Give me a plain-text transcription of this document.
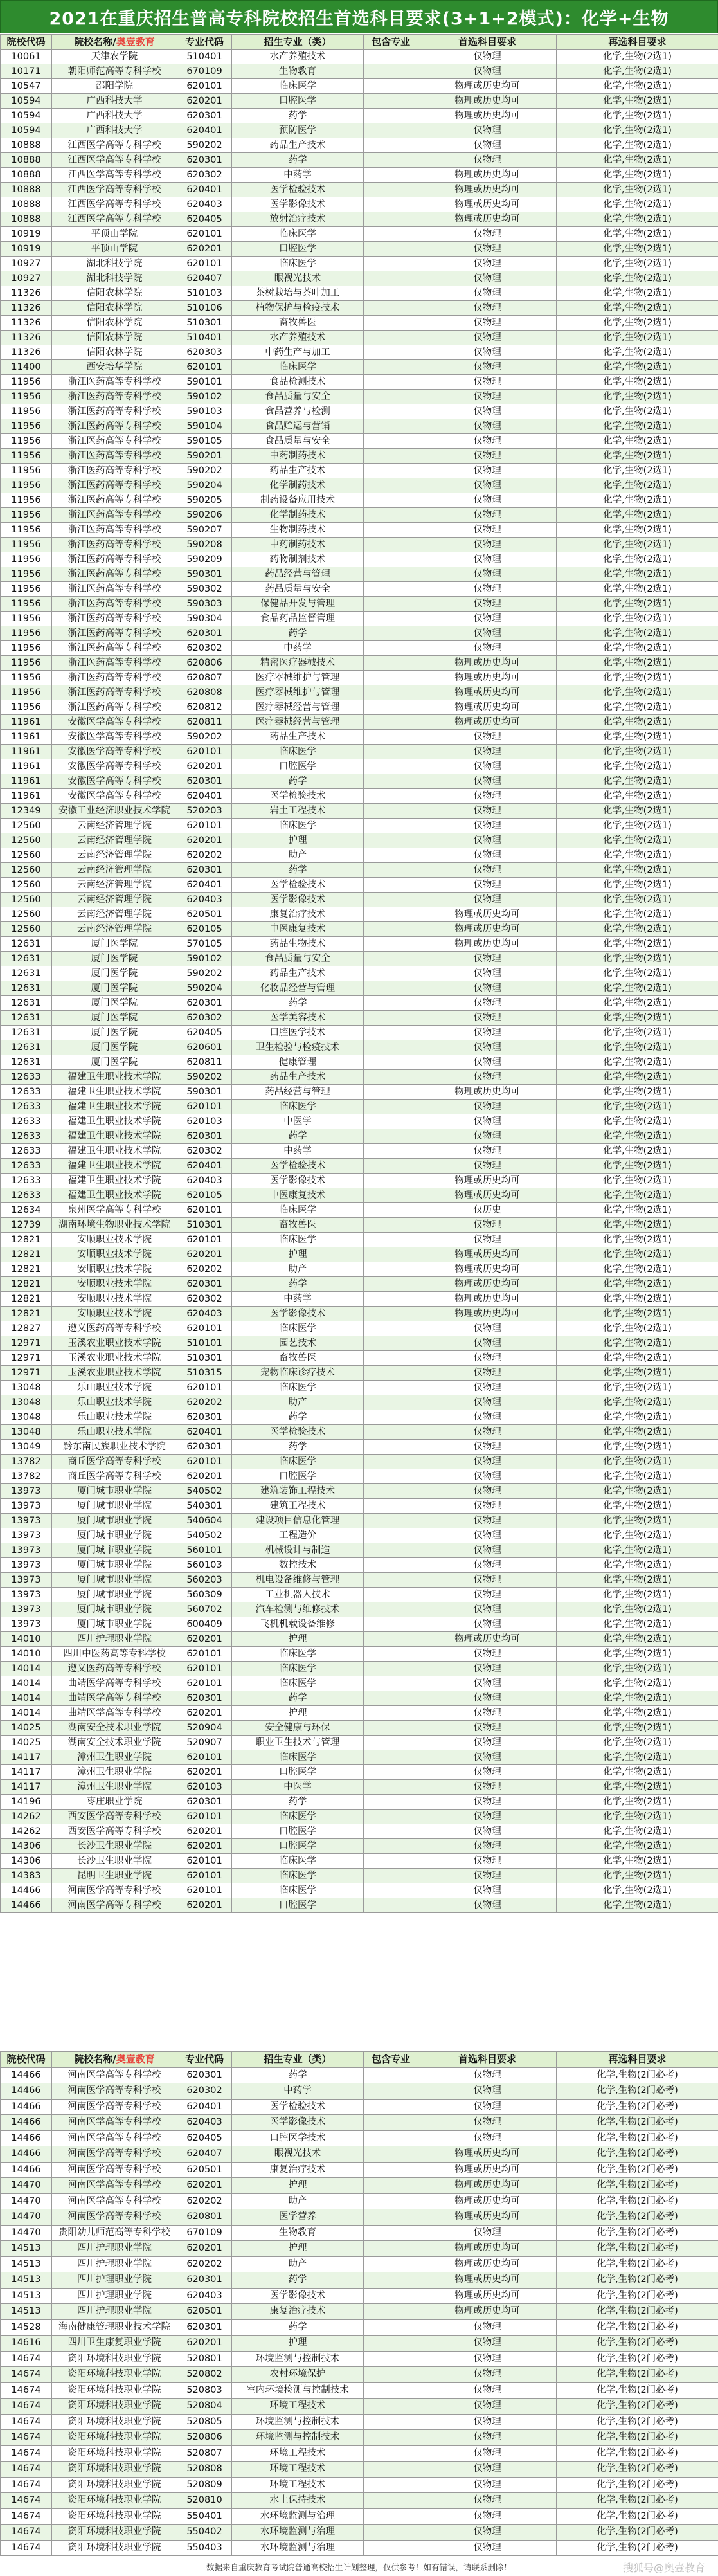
2021在重庆招生普高专科院校招生首选科目要求(3+1+2模式)：化学+生物
院校代码	院校名称/奥壹教育	专业代码	招生专业（类）	包含专业	首选科目要求	再选科目要求
10061	天津农学院	510401	水产养殖技术		仅物理	化学,生物(2选1)
10171	朝阳师范高等专科学校	670109	生物教育		仅物理	化学,生物(2选1)
10547	邵阳学院	620101	临床医学		物理或历史均可	化学,生物(2选1)
10594	广西科技大学	620201	口腔医学		物理或历史均可	化学,生物(2选1)
10594	广西科技大学	620301	药学		物理或历史均可	化学,生物(2选1)
10594	广西科技大学	620401	预防医学		仅物理	化学,生物(2选1)
10888	江西医学高等专科学校	590202	药品生产技术		仅物理	化学,生物(2选1)
10888	江西医学高等专科学校	620301	药学		仅物理	化学,生物(2选1)
10888	江西医学高等专科学校	620302	中药学		物理或历史均可	化学,生物(2选1)
10888	江西医学高等专科学校	620401	医学检验技术		物理或历史均可	化学,生物(2选1)
10888	江西医学高等专科学校	620403	医学影像技术		物理或历史均可	化学,生物(2选1)
10888	江西医学高等专科学校	620405	放射治疗技术		物理或历史均可	化学,生物(2选1)
10919	平顶山学院	620101	临床医学		仅物理	化学,生物(2选1)
10919	平顶山学院	620201	口腔医学		仅物理	化学,生物(2选1)
10927	湖北科技学院	620101	临床医学		仅物理	化学,生物(2选1)
10927	湖北科技学院	620407	眼视光技术		仅物理	化学,生物(2选1)
11326	信阳农林学院	510103	茶树栽培与茶叶加工		仅物理	化学,生物(2选1)
11326	信阳农林学院	510106	植物保护与检疫技术		仅物理	化学,生物(2选1)
11326	信阳农林学院	510301	畜牧兽医		仅物理	化学,生物(2选1)
11326	信阳农林学院	510401	水产养殖技术		仅物理	化学,生物(2选1)
11326	信阳农林学院	620303	中药生产与加工		仅物理	化学,生物(2选1)
11400	西安培华学院	620101	临床医学		仅物理	化学,生物(2选1)
11956	浙江医药高等专科学校	590101	食品检测技术		仅物理	化学,生物(2选1)
11956	浙江医药高等专科学校	590102	食品质量与安全		仅物理	化学,生物(2选1)
11956	浙江医药高等专科学校	590103	食品营养与检测		仅物理	化学,生物(2选1)
11956	浙江医药高等专科学校	590104	食品贮运与营销		仅物理	化学,生物(2选1)
11956	浙江医药高等专科学校	590105	食品质量与安全		仅物理	化学,生物(2选1)
11956	浙江医药高等专科学校	590201	中药制药技术		仅物理	化学,生物(2选1)
11956	浙江医药高等专科学校	590202	药品生产技术		仅物理	化学,生物(2选1)
11956	浙江医药高等专科学校	590204	化学制药技术		仅物理	化学,生物(2选1)
11956	浙江医药高等专科学校	590205	制药设备应用技术		仅物理	化学,生物(2选1)
11956	浙江医药高等专科学校	590206	化学制药技术		仅物理	化学,生物(2选1)
11956	浙江医药高等专科学校	590207	生物制药技术		仅物理	化学,生物(2选1)
11956	浙江医药高等专科学校	590208	中药制药技术		仅物理	化学,生物(2选1)
11956	浙江医药高等专科学校	590209	药物制剂技术		仅物理	化学,生物(2选1)
11956	浙江医药高等专科学校	590301	药品经营与管理		仅物理	化学,生物(2选1)
11956	浙江医药高等专科学校	590302	药品质量与安全		仅物理	化学,生物(2选1)
11956	浙江医药高等专科学校	590303	保健品开发与管理		仅物理	化学,生物(2选1)
11956	浙江医药高等专科学校	590304	食品药品监督管理		仅物理	化学,生物(2选1)
11956	浙江医药高等专科学校	620301	药学		仅物理	化学,生物(2选1)
11956	浙江医药高等专科学校	620302	中药学		仅物理	化学,生物(2选1)
11956	浙江医药高等专科学校	620806	精密医疗器械技术		物理或历史均可	化学,生物(2选1)
11956	浙江医药高等专科学校	620807	医疗器械维护与管理		物理或历史均可	化学,生物(2选1)
11956	浙江医药高等专科学校	620808	医疗器械维护与管理		物理或历史均可	化学,生物(2选1)
11956	浙江医药高等专科学校	620812	医疗器械经营与管理		物理或历史均可	化学,生物(2选1)
11961	安徽医学高等专科学校	620811	医疗器械经营与管理		物理或历史均可	化学,生物(2选1)
11961	安徽医学高等专科学校	590202	药品生产技术		仅物理	化学,生物(2选1)
11961	安徽医学高等专科学校	620101	临床医学		仅物理	化学,生物(2选1)
11961	安徽医学高等专科学校	620201	口腔医学		仅物理	化学,生物(2选1)
11961	安徽医学高等专科学校	620301	药学		仅物理	化学,生物(2选1)
11961	安徽医学高等专科学校	620401	医学检验技术		仅物理	化学,生物(2选1)
12349	安徽工业经济职业技术学院	520203	岩土工程技术		仅物理	化学,生物(2选1)
12560	云南经济管理学院	620101	临床医学		仅物理	化学,生物(2选1)
12560	云南经济管理学院	620201	护理		仅物理	化学,生物(2选1)
12560	云南经济管理学院	620202	助产		仅物理	化学,生物(2选1)
12560	云南经济管理学院	620301	药学		仅物理	化学,生物(2选1)
12560	云南经济管理学院	620401	医学检验技术		仅物理	化学,生物(2选1)
12560	云南经济管理学院	620403	医学影像技术		仅物理	化学,生物(2选1)
12560	云南经济管理学院	620501	康复治疗技术		物理或历史均可	化学,生物(2选1)
12560	云南经济管理学院	620105	中医康复技术		物理或历史均可	化学,生物(2选1)
12631	厦门医学院	570105	药品生物技术		物理或历史均可	化学,生物(2选1)
12631	厦门医学院	590102	食品质量与安全		仅物理	化学,生物(2选1)
12631	厦门医学院	590202	药品生产技术		仅物理	化学,生物(2选1)
12631	厦门医学院	590204	化妆品经营与管理		仅物理	化学,生物(2选1)
12631	厦门医学院	620301	药学		仅物理	化学,生物(2选1)
12631	厦门医学院	620302	医学美容技术		仅物理	化学,生物(2选1)
12631	厦门医学院	620405	口腔医学技术		仅物理	化学,生物(2选1)
12631	厦门医学院	620601	卫生检验与检疫技术		仅物理	化学,生物(2选1)
12631	厦门医学院	620811	健康管理		仅物理	化学,生物(2选1)
12633	福建卫生职业技术学院	590202	药品生产技术		仅物理	化学,生物(2选1)
12633	福建卫生职业技术学院	590301	药品经营与管理		物理或历史均可	化学,生物(2选1)
12633	福建卫生职业技术学院	620101	临床医学		仅物理	化学,生物(2选1)
12633	福建卫生职业技术学院	620103	中医学		仅物理	化学,生物(2选1)
12633	福建卫生职业技术学院	620301	药学		仅物理	化学,生物(2选1)
12633	福建卫生职业技术学院	620302	中药学		仅物理	化学,生物(2选1)
12633	福建卫生职业技术学院	620401	医学检验技术		仅物理	化学,生物(2选1)
12633	福建卫生职业技术学院	620403	医学影像技术		物理或历史均可	化学,生物(2选1)
12633	福建卫生职业技术学院	620105	中医康复技术		物理或历史均可	化学,生物(2选1)
12634	泉州医学高等专科学校	620101	临床医学		仅历史	化学,生物(2选1)
12739	湖南环境生物职业技术学院	510301	畜牧兽医		仅物理	化学,生物(2选1)
12821	安顺职业技术学院	620101	临床医学		仅物理	化学,生物(2选1)
12821	安顺职业技术学院	620201	护理		物理或历史均可	化学,生物(2选1)
12821	安顺职业技术学院	620202	助产		物理或历史均可	化学,生物(2选1)
12821	安顺职业技术学院	620301	药学		物理或历史均可	化学,生物(2选1)
12821	安顺职业技术学院	620302	中药学		物理或历史均可	化学,生物(2选1)
12821	安顺职业技术学院	620403	医学影像技术		物理或历史均可	化学,生物(2选1)
12827	遵义医药高等专科学校	620101	临床医学		仅物理	化学,生物(2选1)
12971	玉溪农业职业技术学院	510101	园艺技术		仅物理	化学,生物(2选1)
12971	玉溪农业职业技术学院	510301	畜牧兽医		仅物理	化学,生物(2选1)
12971	玉溪农业职业技术学院	510315	宠物临床诊疗技术		仅物理	化学,生物(2选1)
13048	乐山职业技术学院	620101	临床医学		仅物理	化学,生物(2选1)
13048	乐山职业技术学院	620202	助产		仅物理	化学,生物(2选1)
13048	乐山职业技术学院	620301	药学		仅物理	化学,生物(2选1)
13048	乐山职业技术学院	620401	医学检验技术		仅物理	化学,生物(2选1)
13049	黔东南民族职业技术学院	620301	药学		仅物理	化学,生物(2选1)
13782	商丘医学高等专科学校	620101	临床医学		仅物理	化学,生物(2选1)
13782	商丘医学高等专科学校	620201	口腔医学		仅物理	化学,生物(2选1)
13973	厦门城市职业学院	540502	建筑装饰工程技术		仅物理	化学,生物(2选1)
13973	厦门城市职业学院	540301	建筑工程技术		仅物理	化学,生物(2选1)
13973	厦门城市职业学院	540604	建设项目信息化管理		仅物理	化学,生物(2选1)
13973	厦门城市职业学院	540502	工程造价		仅物理	化学,生物(2选1)
13973	厦门城市职业学院	560101	机械设计与制造		仅物理	化学,生物(2选1)
13973	厦门城市职业学院	560103	数控技术		仅物理	化学,生物(2选1)
13973	厦门城市职业学院	560203	机电设备维修与管理		仅物理	化学,生物(2选1)
13973	厦门城市职业学院	560309	工业机器人技术		仅物理	化学,生物(2选1)
13973	厦门城市职业学院	560702	汽车检测与维修技术		仅物理	化学,生物(2选1)
13973	厦门城市职业学院	600409	飞机机载设备维修		仅物理	化学,生物(2选1)
14010	四川护理职业学院	620201	护理		物理或历史均可	化学,生物(2选1)
14010	四川中医药高等专科学校	620101	临床医学		仅物理	化学,生物(2选1)
14014	遵义医药高等专科学校	620101	临床医学		仅物理	化学,生物(2选1)
14014	曲靖医学高等专科学校	620101	临床医学		仅物理	化学,生物(2选1)
14014	曲靖医学高等专科学校	620301	药学		仅物理	化学,生物(2选1)
14014	曲靖医学高等专科学校	620201	护理		仅物理	化学,生物(2选1)
14025	湖南安全技术职业学院	520904	安全健康与环保		仅物理	化学,生物(2选1)
14025	湖南安全技术职业学院	520907	职业卫生技术与管理		仅物理	化学,生物(2选1)
14117	漳州卫生职业学院	620101	临床医学		仅物理	化学,生物(2选1)
14117	漳州卫生职业学院	620201	口腔医学		仅物理	化学,生物(2选1)
14117	漳州卫生职业学院	620103	中医学		仅物理	化学,生物(2选1)
14196	枣庄职业学院	620301	药学		仅物理	化学,生物(2选1)
14262	西安医学高等专科学校	620101	临床医学		仅物理	化学,生物(2选1)
14262	西安医学高等专科学校	620201	口腔医学		仅物理	化学,生物(2选1)
14306	长沙卫生职业学院	620201	口腔医学		仅物理	化学,生物(2选1)
14306	长沙卫生职业学院	620101	临床医学		仅物理	化学,生物(2选1)
14383	昆明卫生职业学院	620101	临床医学		仅物理	化学,生物(2选1)
14466	河南医学高等专科学校	620101	临床医学		仅物理	化学,生物(2选1)
14466	河南医学高等专科学校	620201	口腔医学		仅物理	化学,生物(2选1)
院校代码	院校名称/奥壹教育	专业代码	招生专业（类）	包含专业	首选科目要求	再选科目要求
14466	河南医学高等专科学校	620301	药学		仅物理	化学,生物(2门必考)
14466	河南医学高等专科学校	620302	中药学		仅物理	化学,生物(2门必考)
14466	河南医学高等专科学校	620401	医学检验技术		仅物理	化学,生物(2门必考)
14466	河南医学高等专科学校	620403	医学影像技术		仅物理	化学,生物(2门必考)
14466	河南医学高等专科学校	620405	口腔医学技术		仅物理	化学,生物(2门必考)
14466	河南医学高等专科学校	620407	眼视光技术		物理或历史均可	化学,生物(2门必考)
14466	河南医学高等专科学校	620501	康复治疗技术		物理或历史均可	化学,生物(2门必考)
14470	河南医学高等专科学校	620201	护理		物理或历史均可	化学,生物(2门必考)
14470	河南医学高等专科学校	620202	助产		物理或历史均可	化学,生物(2门必考)
14470	河南医学高等专科学校	620801	医学营养		物理或历史均可	化学,生物(2门必考)
14470	贵阳幼儿师范高等专科学校	670109	生物教育		仅物理	化学,生物(2门必考)
14513	四川护理职业学院	620201	护理		物理或历史均可	化学,生物(2门必考)
14513	四川护理职业学院	620202	助产		物理或历史均可	化学,生物(2门必考)
14513	四川护理职业学院	620301	药学		物理或历史均可	化学,生物(2门必考)
14513	四川护理职业学院	620403	医学影像技术		物理或历史均可	化学,生物(2门必考)
14513	四川护理职业学院	620501	康复治疗技术		物理或历史均可	化学,生物(2门必考)
14528	海南健康管理职业技术学院	620301	药学		仅物理	化学,生物(2门必考)
14616	四川卫生康复职业学院	620201	护理		仅物理	化学,生物(2门必考)
14674	资阳环境科技职业学院	520801	环境监测与控制技术		仅物理	化学,生物(2门必考)
14674	资阳环境科技职业学院	520802	农村环境保护		仅物理	化学,生物(2门必考)
14674	资阳环境科技职业学院	520803	室内环境检测与控制技术		仅物理	化学,生物(2门必考)
14674	资阳环境科技职业学院	520804	环境工程技术		仅物理	化学,生物(2门必考)
14674	资阳环境科技职业学院	520805	环境监测与控制技术		仅物理	化学,生物(2门必考)
14674	资阳环境科技职业学院	520806	环境监测与控制技术		仅物理	化学,生物(2门必考)
14674	资阳环境科技职业学院	520807	环境工程技术		仅物理	化学,生物(2门必考)
14674	资阳环境科技职业学院	520808	环境工程技术		仅物理	化学,生物(2门必考)
14674	资阳环境科技职业学院	520809	环境工程技术		仅物理	化学,生物(2门必考)
14674	资阳环境科技职业学院	520810	水土保持技术		仅物理	化学,生物(2门必考)
14674	资阳环境科技职业学院	550401	水环境监测与治理		仅物理	化学,生物(2门必考)
14674	资阳环境科技职业学院	550402	水环境监测与治理		仅物理	化学,生物(2门必考)
14674	资阳环境科技职业学院	550403	水环境监测与治理		仅物理	化学,生物(2门必考)
数据来自重庆教育考试院普通高校招生计划整理，仅供参考！如有错误，请联系删除！	搜狐号@奥壹教育
